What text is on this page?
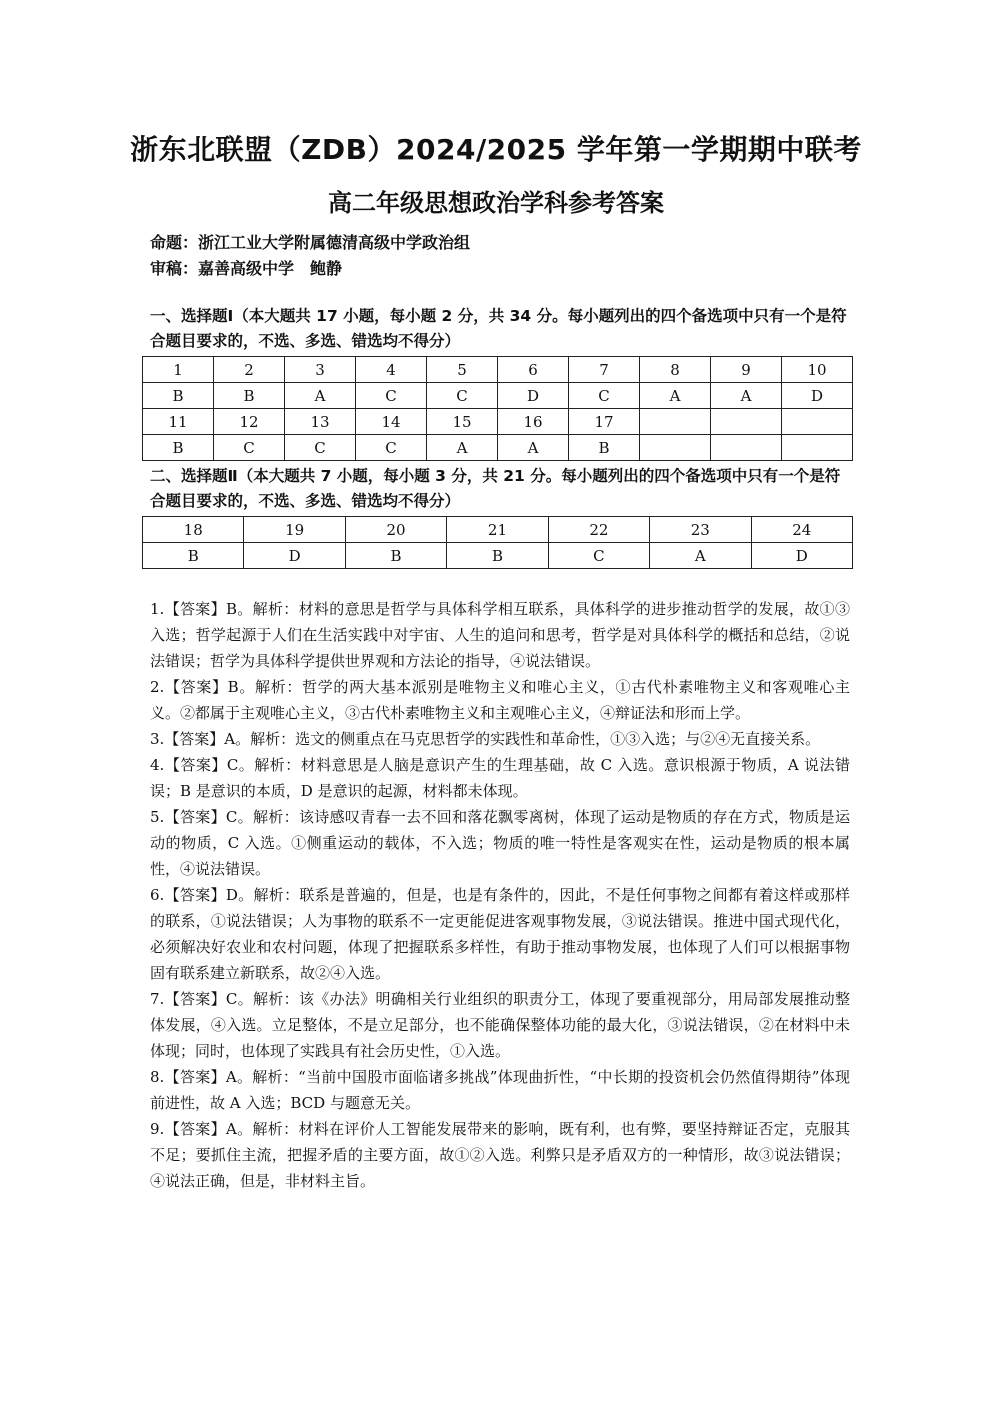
浙东北联盟（ZDB）2024/2025 学年第一学期期中联考
高二年级思想政治学科参考答案
命题：浙江工业大学附属德清高级中学政治组
审稿：嘉善高级中学　鲍静
一、选择题Ⅰ（本大题共 17 小题，每小题 2 分，共 34 分。每小题列出的四个备选项中只有一个是符合题目要求的，不选、多选、错选均不得分）
1	2	3	4	5	6	7	8	9	10
B	B	A	C	C	D	C	A	A	D
11	12	13	14	15	16	17			
B	C	C	C	A	A	B			
二、选择题Ⅱ（本大题共 7 小题，每小题 3 分，共 21 分。每小题列出的四个备选项中只有一个是符合题目要求的，不选、多选、错选均不得分）
18	19	20	21	22	23	24
B	D	B	B	C	A	D
1.【答案】B。解析：材料的意思是哲学与具体科学相互联系，具体科学的进步推动哲学的发展，故①③入选；哲学起源于人们在生活实践中对宇宙、人生的追问和思考，哲学是对具体科学的概括和总结，②说法错误；哲学为具体科学提供世界观和方法论的指导，④说法错误。
2.【答案】B。解析：哲学的两大基本派别是唯物主义和唯心主义，①古代朴素唯物主义和客观唯心主义。②都属于主观唯心主义，③古代朴素唯物主义和主观唯心主义，④辩证法和形而上学。
3.【答案】A。解析：选文的侧重点在马克思哲学的实践性和革命性，①③入选；与②④无直接关系。
4.【答案】C。解析：材料意思是人脑是意识产生的生理基础，故 C 入选。意识根源于物质，A 说法错误；B 是意识的本质，D 是意识的起源，材料都未体现。
5.【答案】C。解析：该诗感叹青春一去不回和落花飘零离树，体现了运动是物质的存在方式，物质是运动的物质，C 入选。①侧重运动的载体，不入选；物质的唯一特性是客观实在性，运动是物质的根本属性，④说法错误。
6.【答案】D。解析：联系是普遍的，但是，也是有条件的，因此，不是任何事物之间都有着这样或那样的联系，①说法错误；人为事物的联系不一定更能促进客观事物发展，③说法错误。推进中国式现代化，必须解决好农业和农村问题，体现了把握联系多样性，有助于推动事物发展，也体现了人们可以根据事物固有联系建立新联系，故②④入选。
7.【答案】C。解析：该《办法》明确相关行业组织的职责分工，体现了要重视部分，用局部发展推动整体发展，④入选。立足整体，不是立足部分，也不能确保整体功能的最大化，③说法错误，②在材料中未体现；同时，也体现了实践具有社会历史性，①入选。
8.【答案】A。解析：“当前中国股市面临诸多挑战”体现曲折性，“中长期的投资机会仍然值得期待”体现前进性，故 A 入选；BCD 与题意无关。
9.【答案】A。解析：材料在评价人工智能发展带来的影响，既有利，也有弊，要坚持辩证否定，克服其不足；要抓住主流，把握矛盾的主要方面，故①②入选。利弊只是矛盾双方的一种情形，故③说法错误；④说法正确，但是，非材料主旨。
